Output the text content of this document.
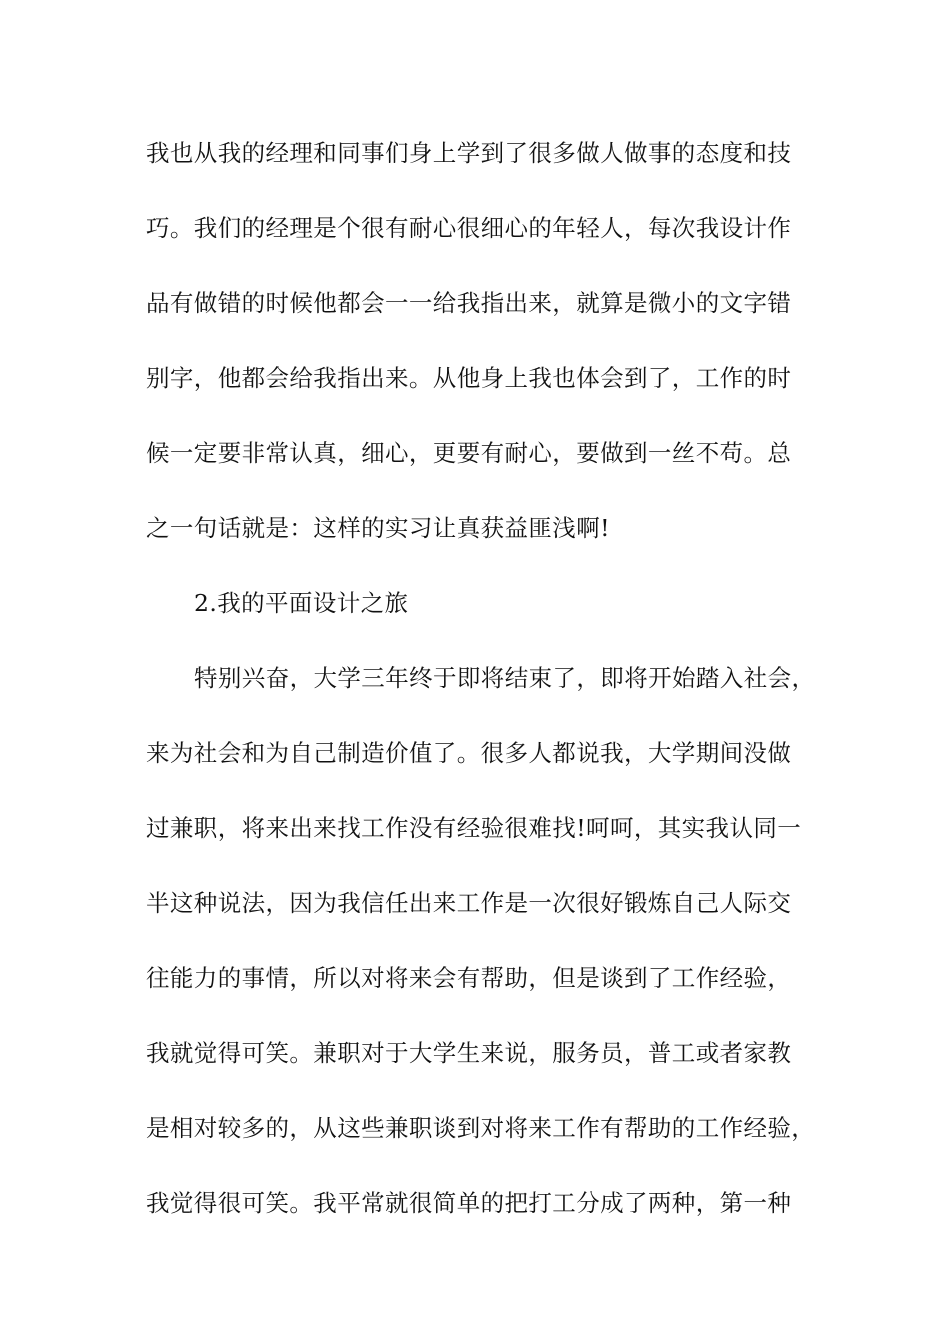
我也从我的经理和同事们身上学到了很多做人做事的态度和技
巧。我们的经理是个很有耐心很细心的年轻人，每次我设计作
品有做错的时候他都会一一给我指出来，就算是微小的文字错
别字，他都会给我指出来。从他身上我也体会到了，工作的时
候一定要非常认真，细心，更要有耐心，要做到一丝不苟。总
之一句话就是：这样的实习让真获益匪浅啊!
2.我的平面设计之旅
特别兴奋，大学三年终于即将结束了，即将开始踏入社会，
来为社会和为自己制造价值了。很多人都说我，大学期间没做
过兼职，将来出来找工作没有经验很难找!呵呵，其实我认同一
半这种说法，因为我信任出来工作是一次很好锻炼自己人际交
往能力的事情，所以对将来会有帮助，但是谈到了工作经验，
我就觉得可笑。兼职对于大学生来说，服务员，普工或者家教
是相对较多的，从这些兼职谈到对将来工作有帮助的工作经验，
我觉得很可笑。我平常就很简单的把打工分成了两种，第一种
